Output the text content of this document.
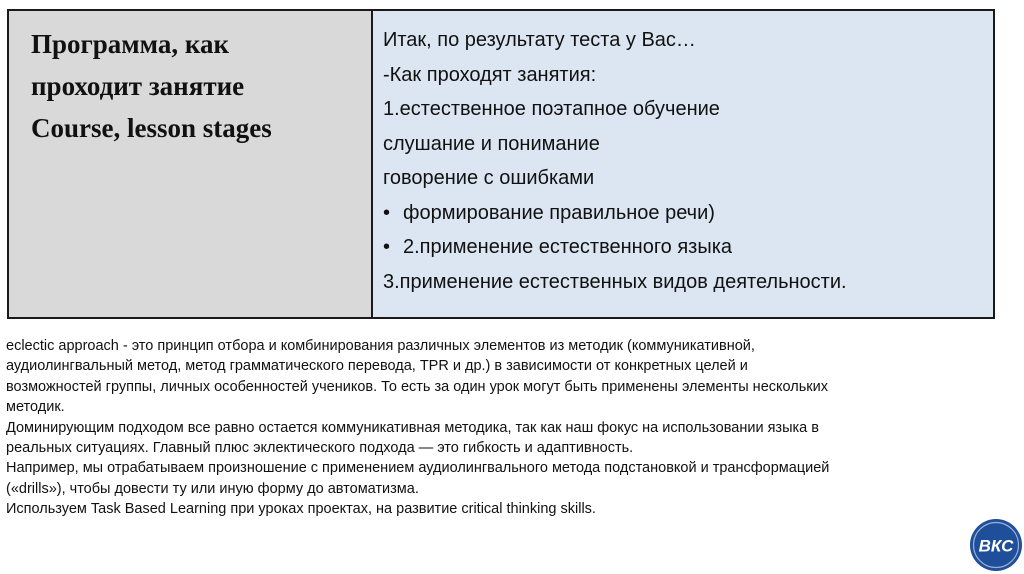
Программа, как
проходит занятие
Course, lesson stages
Итак, по результату теста у Вас…
-Как проходят занятия:
1.естественное поэтапное обучение
слушание и понимание
говорение с ошибками
• формирование правильное речи)
• 2.применение естественного языка
3.применение естественных видов деятельности.
eclectic approach - это принцип отбора и комбинирования различных элементов из методик (коммуникативной,
аудиолингвальный метод, метод грамматического перевода, TPR и др.) в зависимости от конкретных целей и
возможностей группы, личных особенностей учеников. То есть за один урок могут быть применены элементы нескольких
методик.
Доминирующим подходом все равно остается коммуникативная методика, так как наш фокус на использовании языка в
реальных ситуациях. Главный плюс эклектического подхода — это гибкость и адаптивность.
Например, мы отрабатываем произношение с применением аудиолингвального метода подстановкой и трансформацией
(«drills»), чтобы довести ту или иную форму до автоматизма.
Используем Task Based Learning при уроках проектах, на развитие critical thinking skills.
ВКС
